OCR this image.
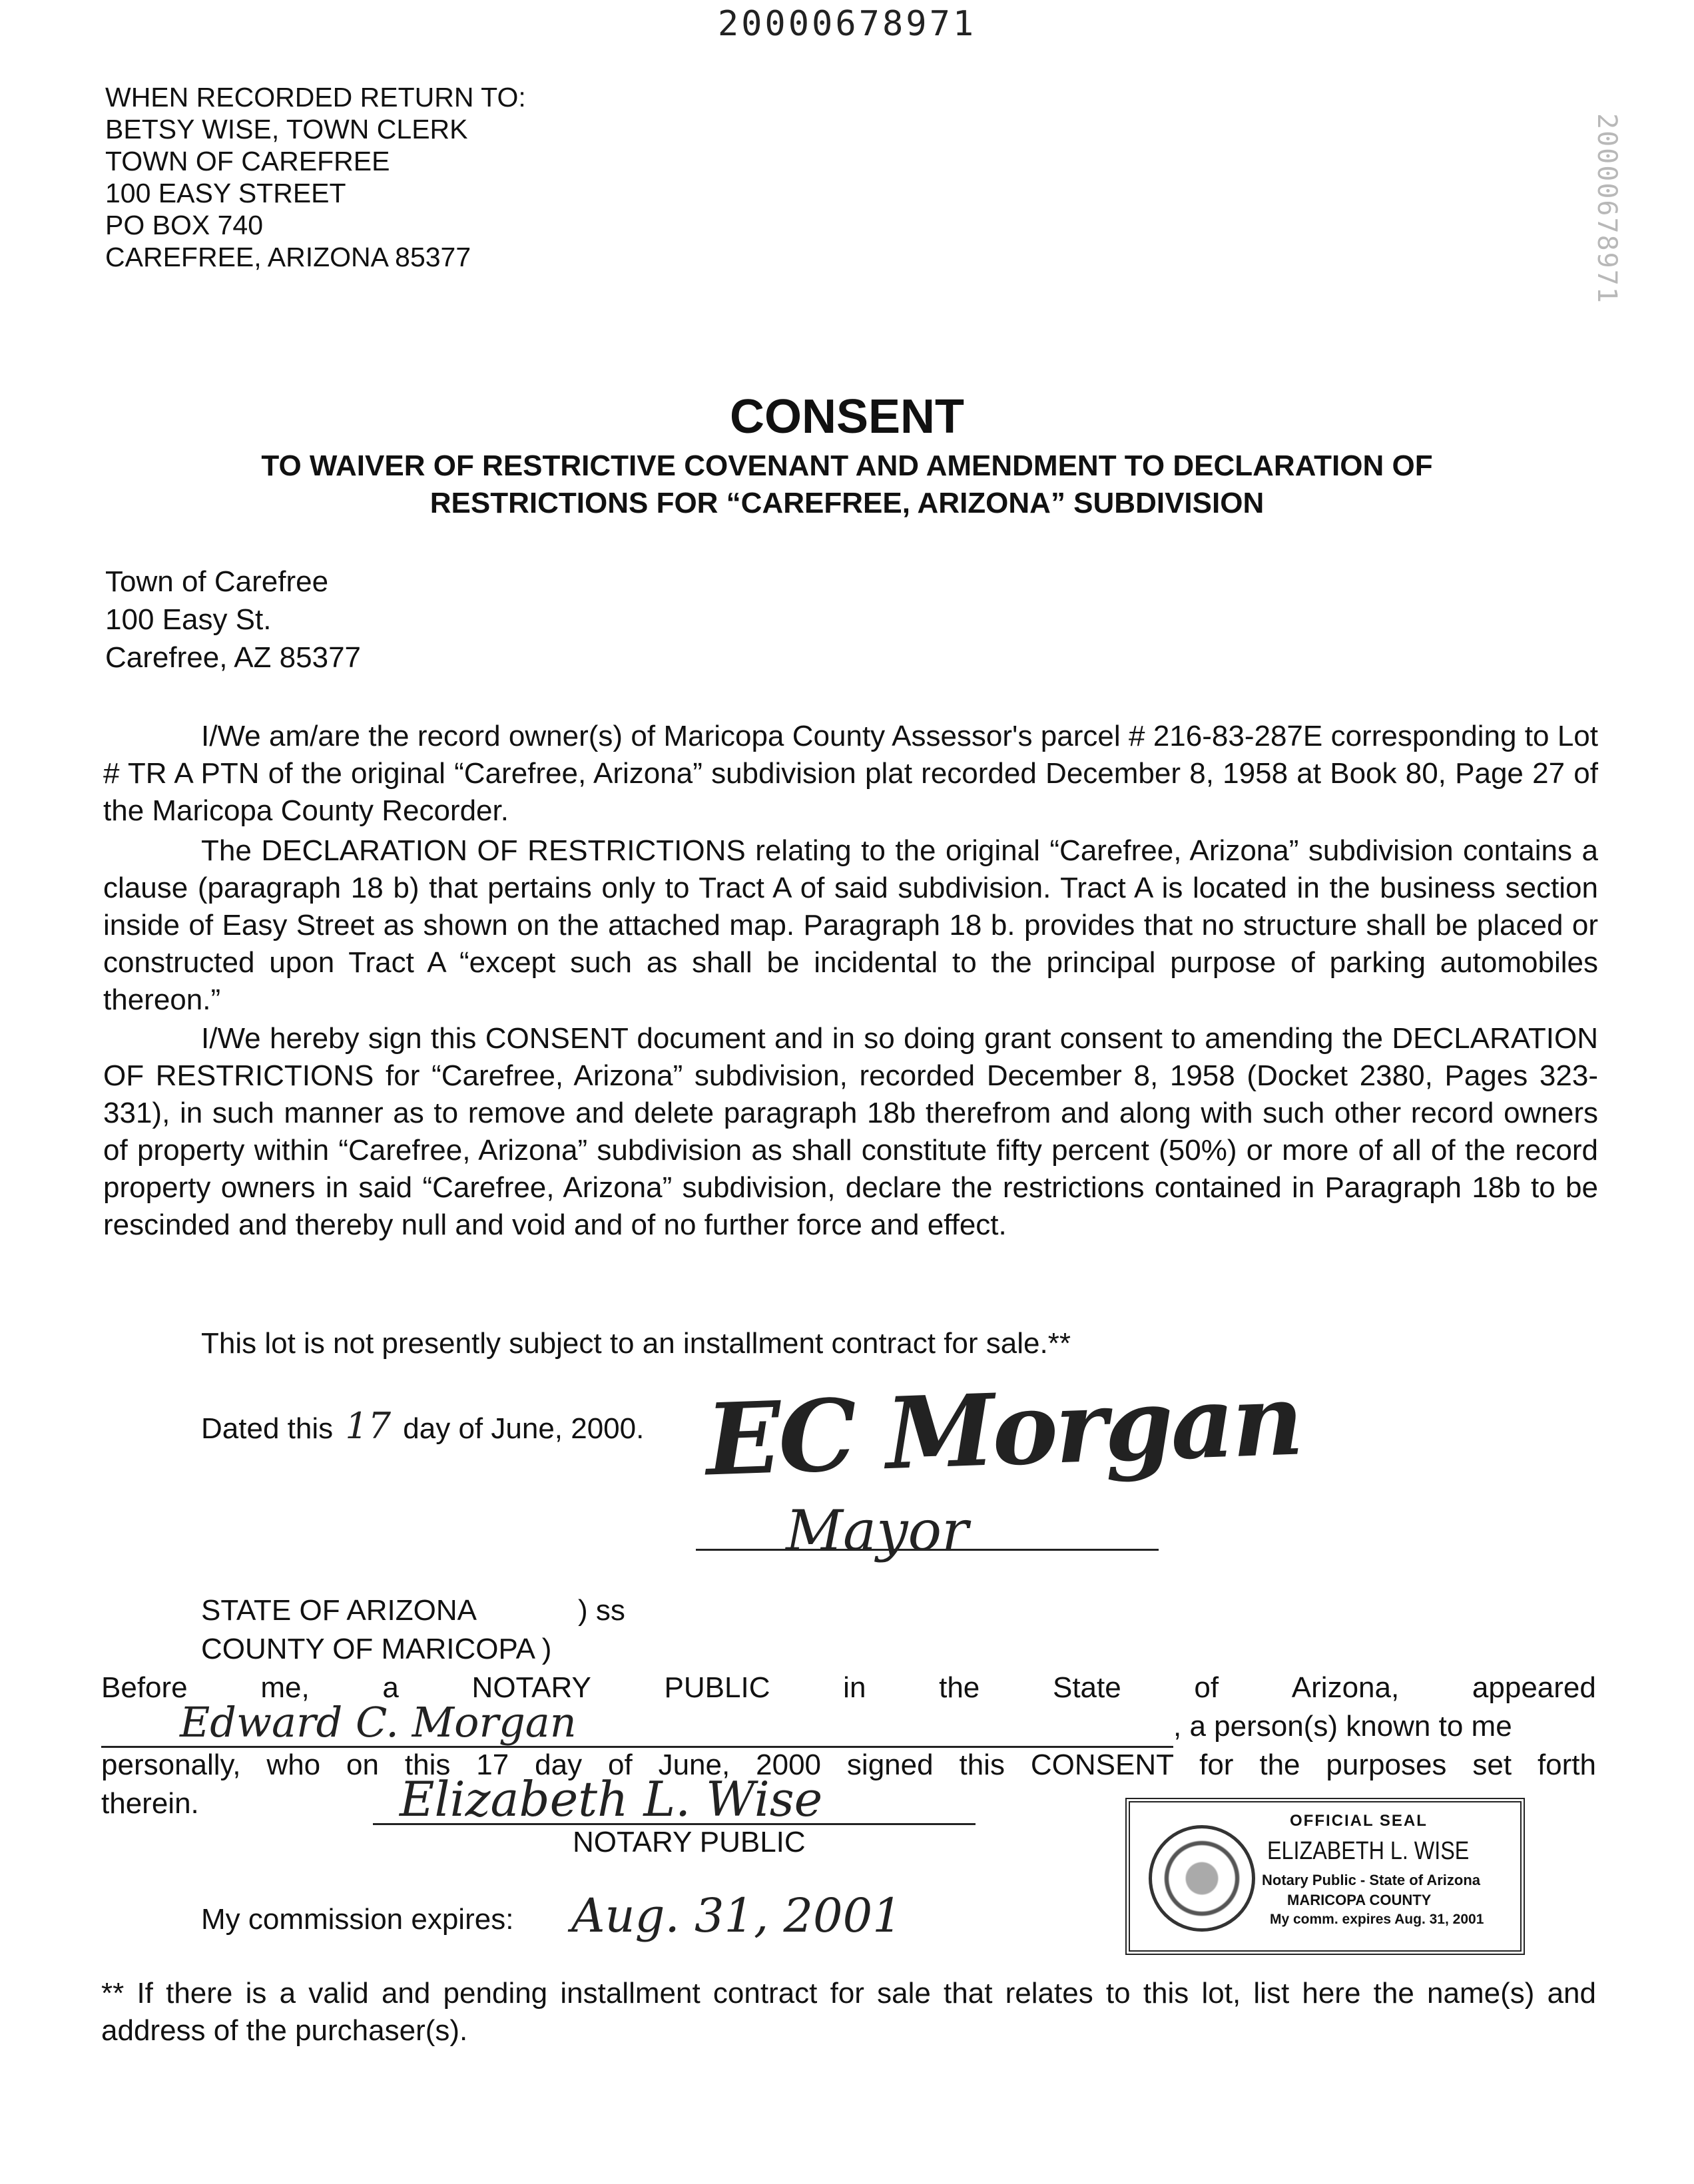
20000678971
20000678971
WHEN RECORDED RETURN TO:
BETSY WISE, TOWN CLERK
TOWN OF CAREFREE
100 EASY STREET
PO BOX 740
CAREFREE, ARIZONA 85377
CONSENT
TO WAIVER OF RESTRICTIVE COVENANT AND AMENDMENT TO DECLARATION OF
RESTRICTIONS FOR “CAREFREE, ARIZONA” SUBDIVISION
Town of Carefree
100 Easy St.
Carefree, AZ 85377

I/We am/are the record owner(s) of Maricopa County Assessor's parcel # 216-83-287E corresponding to Lot # TR A PTN of the original “Carefree, Arizona” subdivision plat recorded December 8, 1958 at Book 80, Page 27 of the Maricopa County Recorder.

The DECLARATION OF RESTRICTIONS relating to the original “Carefree, Arizona” subdivision contains a clause (paragraph 18 b) that pertains only to Tract A of said subdivision. Tract A is located in the business section inside of Easy Street as shown on the attached map. Paragraph 18 b. provides that no structure shall be placed or constructed upon Tract A “except such as shall be incidental to the principal purpose of parking automobiles thereon.”

I/We hereby sign this CONSENT document and in so doing grant consent to amending the DECLARATION OF RESTRICTIONS for “Carefree, Arizona” subdivision, recorded December 8, 1958 (Docket 2380, Pages 323-331), in such manner as to remove and delete paragraph 18b therefrom and along with such other record owners of property within “Carefree, Arizona” subdivision as shall constitute fifty percent (50%) or more of all of the record property owners in said “Carefree, Arizona” subdivision, declare the restrictions contained in Paragraph 18b to be rescinded and thereby null and void and of no further force and effect.

This lot is not presently subject to an installment contract for sale.**
Dated this 17 day of June, 2000. EC Morgan
Mayor
STATE OF ARIZONA	) ss
COUNTY OF MARICOPA )
Before me, a NOTARY PUBLIC in the State of Arizona, appeared
Edward C. Morgan	, a person(s) known to me
personally, who on this 17 day of June, 2000 signed this CONSENT for the purposes set forth
therein.	Elizabeth L. Wise
NOTARY PUBLIC
My commission expires: Aug. 31, 2001
OFFICIAL SEAL
ELIZABETH L. WISE
Notary Public - State of Arizona
MARICOPA COUNTY
My comm. expires Aug. 31, 2001
** If there is a valid and pending installment contract for sale that relates to this lot, list here the name(s) and address of the purchaser(s).
